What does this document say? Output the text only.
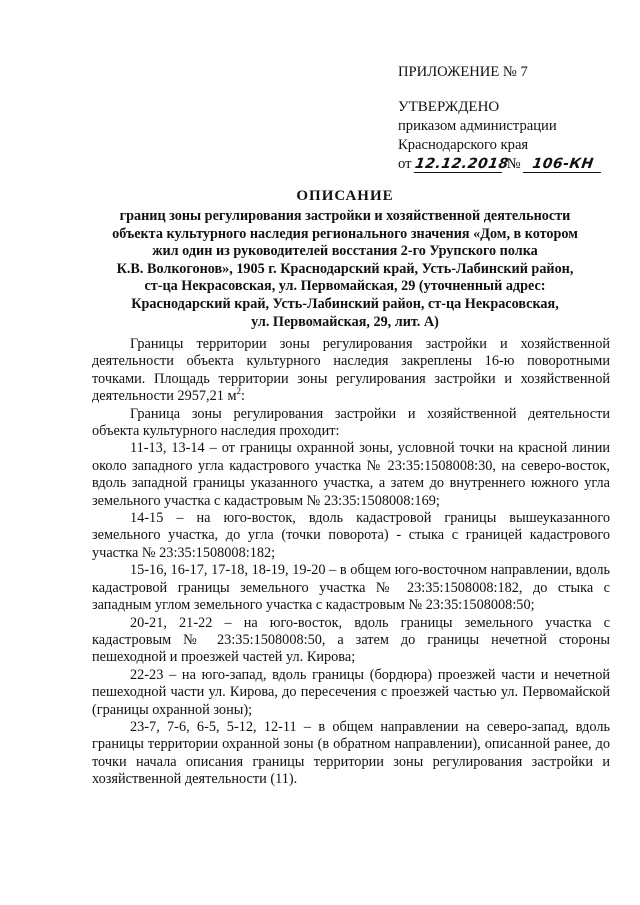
ПРИЛОЖЕНИЕ № 7
УТВЕРЖДЕНО
приказом администрации
Краснодарского края
от 12.12.2018 № 106-КН
ОПИСАНИЕ
границ зоны регулирования застройки и хозяйственной деятельности
объекта культурного наследия регионального значения «Дом, в котором
жил один из руководителей восстания 2-го Урупского полка
К.В. Волкогонов», 1905 г. Краснодарский край, Усть-Лабинский район,
ст-ца Некрасовская, ул. Первомайская, 29 (уточненный адрес:
Краснодарский край, Усть-Лабинский район, ст-ца Некрасовская,
ул. Первомайская, 29, лит. А)

Границы территории зоны регулирования застройки и хозяйственной деятельности объекта культурного наследия закреплены 16-ю поворотными точками. Площадь территории зоны регулирования застройки и хозяйственной деятельности 2957,21 $м^2$:

Граница зоны регулирования застройки и хозяйственной деятельности объекта культурного наследия проходит:

11-13, 13-14 – от границы охранной зоны, условной точки на красной линии около западного угла кадастрового участка № 23:35:1508008:30, на северо-восток, вдоль западной границы указанного участка, а затем до внутреннего южного угла земельного участка с кадастровым № 23:35:1508008:169;

14-15 – на юго-восток, вдоль кадастровой границы вышеуказанного земельного участка, до угла (точки поворота) - стыка с границей кадастрового участка № 23:35:1508008:182;

15-16, 16-17, 17-18, 18-19, 19-20 – в общем юго-восточном направлении, вдоль кадастровой границы земельного участка № 23:35:1508008:182, до стыка с западным углом земельного участка с кадастровым № 23:35:1508008:50;

20-21, 21-22 – на юго-восток, вдоль границы земельного участка с кадастровым № 23:35:1508008:50, а затем до границы нечетной стороны пешеходной и проезжей частей ул. Кирова;

22-23 – на юго-запад, вдоль границы (бордюра) проезжей части и нечетной пешеходной части ул. Кирова, до пересечения с проезжей частью ул. Первомайской (границы охранной зоны);

23-7, 7-6, 6-5, 5-12, 12-11 – в общем направлении на северо-запад, вдоль границы территории охранной зоны (в обратном направлении), описанной ранее, до точки начала описания границы территории зоны регулирования застройки и хозяйственной деятельности (11).
